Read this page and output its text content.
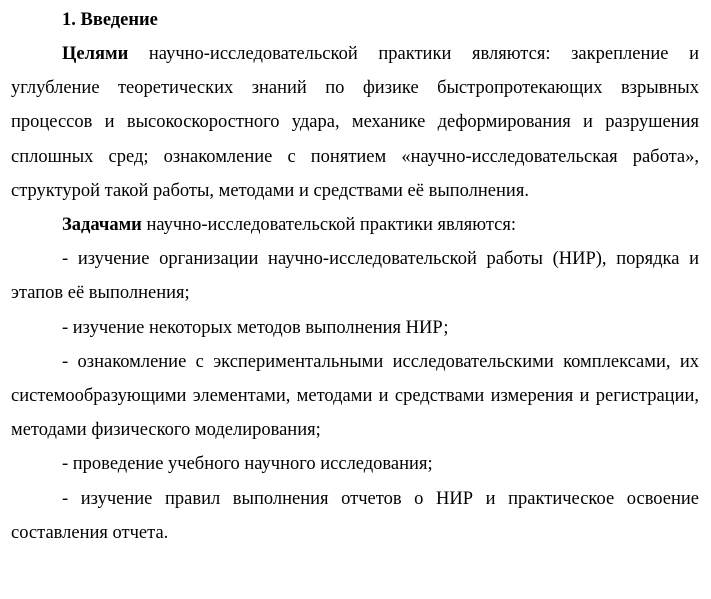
1. Введение

Целями научно-исследовательской практики являются: закрепление и углубление теоретических знаний по физике быстропротекающих взрывных процессов и высокоскоростного удара, механике деформирования и разрушения сплошных сред; ознакомление с понятием «научно-исследовательская работа», структурой такой работы, методами и средствами её выполнения.

Задачами научно-исследовательской практики являются:

- изучение организации научно-исследовательской работы (НИР), порядка и этапов её выполнения;

- изучение некоторых методов выполнения НИР;

- ознакомление с экспериментальными исследовательскими комплексами, их системообразующими элементами, методами и средствами измерения и регистрации, методами физического моделирования;

- проведение учебного научного исследования;

- изучение правил выполнения отчетов о НИР и практическое освоение составления отчета.
